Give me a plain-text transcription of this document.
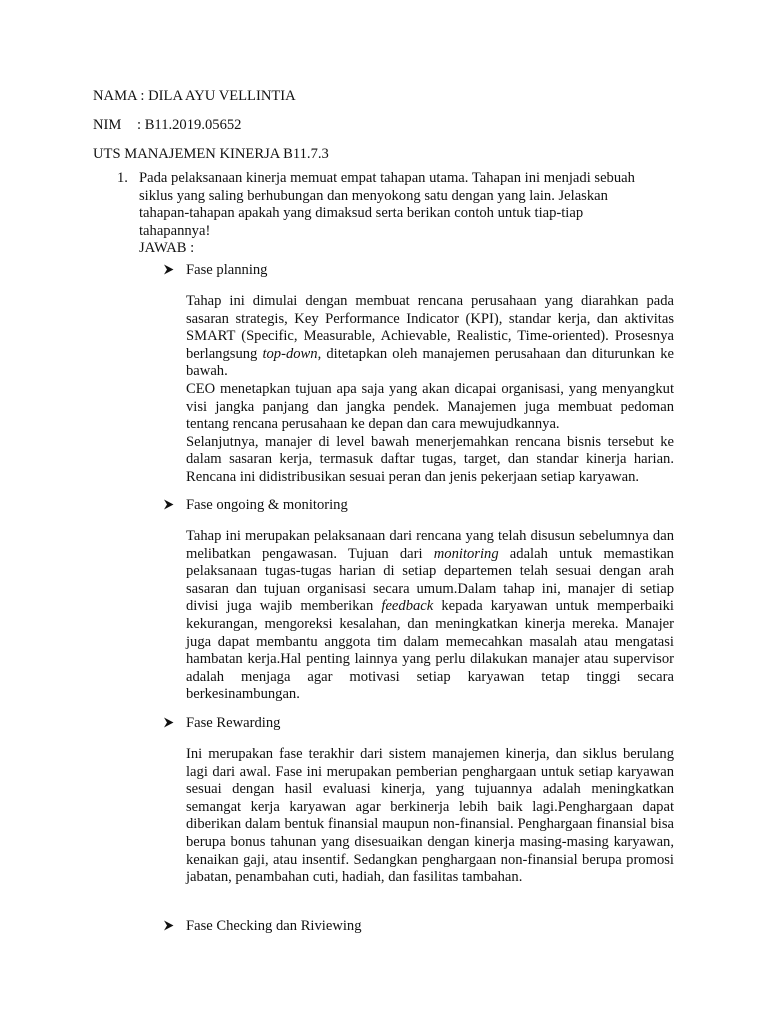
NAMA : DILA AYU VELLINTIA
NIM : B11.2019.05652
UTS MANAJEMEN KINERJA B11.7.3
1. Pada pelaksanaan kinerja memuat empat tahapan utama. Tahapan ini menjadi sebuah
siklus yang saling berhubungan dan menyokong satu dengan yang lain. Jelaskan
tahapan-tahapan apakah yang dimaksud serta berikan contoh untuk tiap-tiap
tahapannya!
JAWAB :
Fase planning

Tahap ini dimulai dengan membuat rencana perusahaan yang diarahkan pada sasaran strategis, Key Performance Indicator (KPI), standar kerja, dan aktivitas SMART (Specific, Measurable, Achievable, Realistic, Time-oriented). Prosesnya berlangsung top-down, ditetapkan oleh manajemen perusahaan dan diturunkan ke bawah.

CEO menetapkan tujuan apa saja yang akan dicapai organisasi, yang menyangkut visi jangka panjang dan jangka pendek. Manajemen juga membuat pedoman tentang rencana perusahaan ke depan dan cara mewujudkannya.

Selanjutnya, manajer di level bawah menerjemahkan rencana bisnis tersebut ke dalam sasaran kerja, termasuk daftar tugas, target, dan standar kinerja harian. Rencana ini didistribusikan sesuai peran dan jenis pekerjaan setiap karyawan.

Fase ongoing & monitoring

Tahap ini merupakan pelaksanaan dari rencana yang telah disusun sebelumnya dan melibatkan pengawasan. Tujuan dari monitoring adalah untuk memastikan pelaksanaan tugas-tugas harian di setiap departemen telah sesuai dengan arah sasaran dan tujuan organisasi secara umum.Dalam tahap ini, manajer di setiap divisi juga wajib memberikan feedback kepada karyawan untuk memperbaiki kekurangan, mengoreksi kesalahan, dan meningkatkan kinerja mereka. Manajer juga dapat membantu anggota tim dalam memecahkan masalah atau mengatasi hambatan kerja.Hal penting lainnya yang perlu dilakukan manajer atau supervisor adalah menjaga agar motivasi setiap karyawan tetap tinggi secara berkesinambungan.

Fase Rewarding

Ini merupakan fase terakhir dari sistem manajemen kinerja, dan siklus berulang lagi dari awal. Fase ini merupakan pemberian penghargaan untuk setiap karyawan sesuai dengan hasil evaluasi kinerja, yang tujuannya adalah meningkatkan semangat kerja karyawan agar berkinerja lebih baik lagi.Penghargaan dapat diberikan dalam bentuk finansial maupun non-finansial. Penghargaan finansial bisa berupa bonus tahunan yang disesuaikan dengan kinerja masing-masing karyawan, kenaikan gaji, atau insentif. Sedangkan penghargaan non-finansial berupa promosi jabatan, penambahan cuti, hadiah, dan fasilitas tambahan.

Fase Checking dan Riviewing
